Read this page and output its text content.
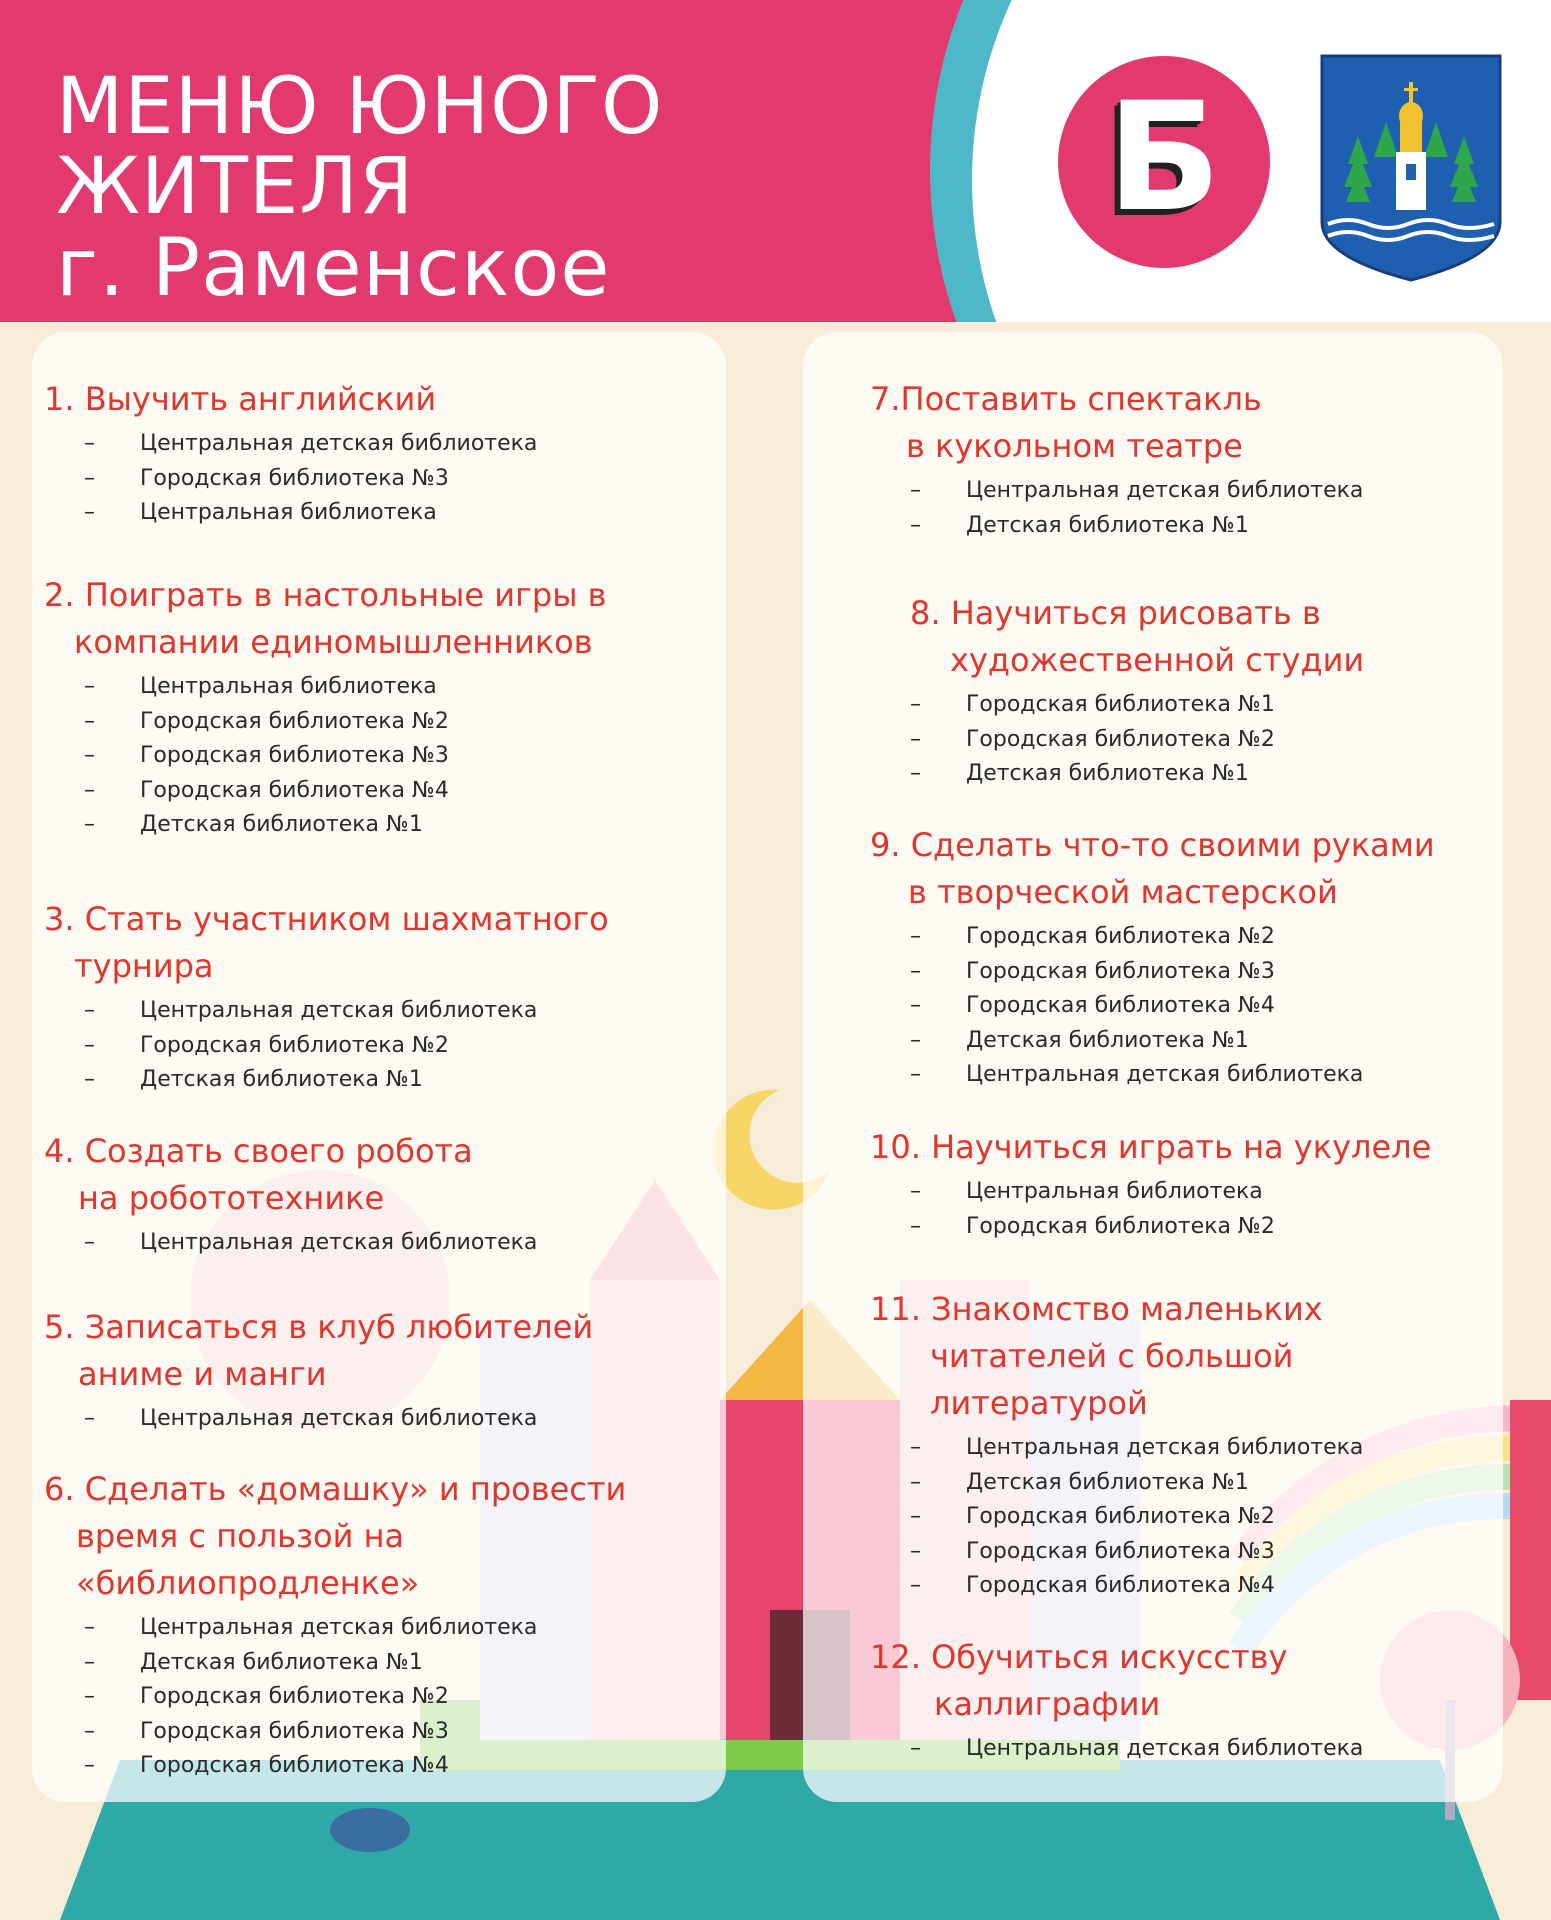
МЕНЮ ЮНОГО
ЖИТЕЛЯ
г. Раменское
Б
1. Выучить английский
–	Центральная детская библиотека
–	Городская библиотека №3
–	Центральная библиотека
2. Поиграть в настольные игры в
компании единомышленников
–	Центральная библиотека
–	Городская библиотека №2
–	Городская библиотека №3
–	Городская библиотека №4
–	Детская библиотека №1
3. Стать участником шахматного
турнира
–	Центральная детская библиотека
–	Городская библиотека №2
–	Детская библиотека №1
4. Создать своего робота
на робототехнике
–	Центральная детская библиотека
5. Записаться в клуб любителей
аниме и манги
–	Центральная детская библиотека
6. Сделать «домашку» и провести
время с пользой на
«библиопродленке»
–	Центральная детская библиотека
–	Детская библиотека №1
–	Городская библиотека №2
–	Городская библиотека №3
–	Городская библиотека №4
7.Поставить спектакль
в кукольном театре
–	Центральная детская библиотека
–	Детская библиотека №1
8. Научиться рисовать в
художественной студии
–	Городская библиотека №1
–	Городская библиотека №2
–	Детская библиотека №1
9. Сделать что-то своими руками
в творческой мастерской
–	Городская библиотека №2
–	Городская библиотека №3
–	Городская библиотека №4
–	Детская библиотека №1
–	Центральная детская библиотека
10. Научиться играть на укулеле
–	Центральная библиотека
–	Городская библиотека №2
11. Знакомство маленьких
читателей с большой
литературой
–	Центральная детская библиотека
–	Детская библиотека №1
–	Городская библиотека №2
–	Городская библиотека №3
–	Городская библиотека №4
12. Обучиться искусству
каллиграфии
–	Центральная детская библиотека
